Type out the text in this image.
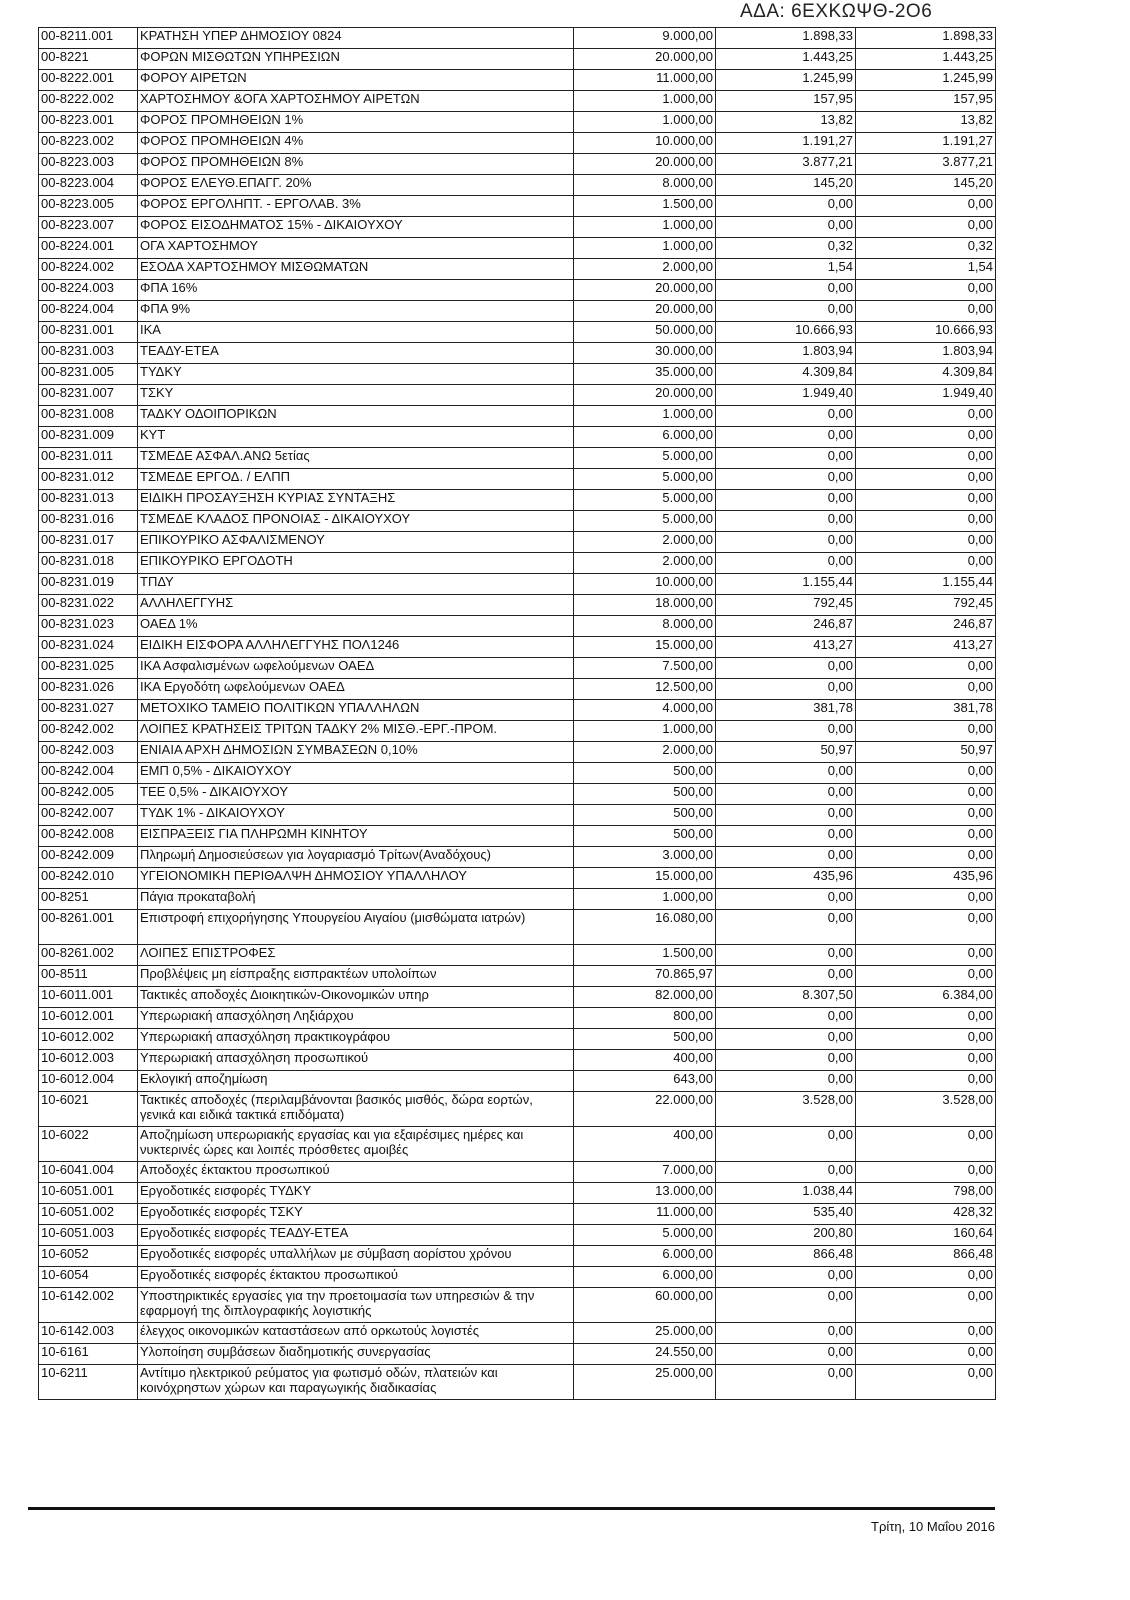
ΑΔΑ: 6ΕΧΚΩΨΘ-2Ο6
00-8211.001	ΚΡΑΤΗΣΗ ΥΠΕΡ ΔΗΜΟΣΙΟΥ 0824	9.000,00	1.898,33	1.898,33
00-8221	ΦΟΡΩΝ ΜΙΣΘΩΤΩΝ ΥΠΗΡΕΣΙΩΝ	20.000,00	1.443,25	1.443,25
00-8222.001	ΦΟΡΟΥ ΑΙΡΕΤΩΝ	11.000,00	1.245,99	1.245,99
00-8222.002	ΧΑΡΤΟΣΗΜΟΥ &ΟΓΑ ΧΑΡΤΟΣΗΜΟΥ ΑΙΡΕΤΩΝ	1.000,00	157,95	157,95
00-8223.001	ΦΟΡΟΣ ΠΡΟΜΗΘΕΙΩΝ 1%	1.000,00	13,82	13,82
00-8223.002	ΦΟΡΟΣ ΠΡΟΜΗΘΕΙΩΝ 4%	10.000,00	1.191,27	1.191,27
00-8223.003	ΦΟΡΟΣ ΠΡΟΜΗΘΕΙΩΝ 8%	20.000,00	3.877,21	3.877,21
00-8223.004	ΦΟΡΟΣ ΕΛΕΥΘ.ΕΠΑΓΓ. 20%	8.000,00	145,20	145,20
00-8223.005	ΦΟΡΟΣ ΕΡΓΟΛΗΠΤ. - ΕΡΓΟΛΑΒ. 3%	1.500,00	0,00	0,00
00-8223.007	ΦΟΡΟΣ ΕΙΣΟΔΗΜΑΤΟΣ 15% - ΔΙΚΑΙΟΥΧΟΥ	1.000,00	0,00	0,00
00-8224.001	ΟΓΑ ΧΑΡΤΟΣΗΜΟΥ	1.000,00	0,32	0,32
00-8224.002	ΕΣΟΔΑ ΧΑΡΤΟΣΗΜΟΥ ΜΙΣΘΩΜΑΤΩΝ	2.000,00	1,54	1,54
00-8224.003	ΦΠΑ 16%	20.000,00	0,00	0,00
00-8224.004	ΦΠΑ 9%	20.000,00	0,00	0,00
00-8231.001	ΙΚΑ	50.000,00	10.666,93	10.666,93
00-8231.003	ΤΕΑΔΥ-ΕΤΕΑ	30.000,00	1.803,94	1.803,94
00-8231.005	ΤΥΔΚΥ	35.000,00	4.309,84	4.309,84
00-8231.007	ΤΣΚΥ	20.000,00	1.949,40	1.949,40
00-8231.008	ΤΑΔΚΥ ΟΔΟΙΠΟΡΙΚΩΝ	1.000,00	0,00	0,00
00-8231.009	ΚΥΤ	6.000,00	0,00	0,00
00-8231.011	ΤΣΜΕΔΕ ΑΣΦΑΛ.ΑΝΩ 5ετίας	5.000,00	0,00	0,00
00-8231.012	ΤΣΜΕΔΕ ΕΡΓΟΔ. / ΕΛΠΠ	5.000,00	0,00	0,00
00-8231.013	ΕΙΔΙΚΗ ΠΡΟΣΑΥΞΗΣΗ ΚΥΡΙΑΣ ΣΥΝΤΑΞΗΣ	5.000,00	0,00	0,00
00-8231.016	ΤΣΜΕΔΕ ΚΛΑΔΟΣ ΠΡΟΝΟΙΑΣ - ΔΙΚΑΙΟΥΧΟΥ	5.000,00	0,00	0,00
00-8231.017	ΕΠΙΚΟΥΡΙΚΟ ΑΣΦΑΛΙΣΜΕΝΟΥ	2.000,00	0,00	0,00
00-8231.018	ΕΠΙΚΟΥΡΙΚΟ ΕΡΓΟΔΟΤΗ	2.000,00	0,00	0,00
00-8231.019	ΤΠΔΥ	10.000,00	1.155,44	1.155,44
00-8231.022	ΑΛΛΗΛΕΓΓΥΗΣ	18.000,00	792,45	792,45
00-8231.023	ΟΑΕΔ 1%	8.000,00	246,87	246,87
00-8231.024	ΕΙΔΙΚΗ ΕΙΣΦΟΡΑ ΑΛΛΗΛΕΓΓΥΗΣ ΠΟΛ1246	15.000,00	413,27	413,27
00-8231.025	ΙΚΑ Ασφαλισμένων ωφελούμενων ΟΑΕΔ	7.500,00	0,00	0,00
00-8231.026	ΙΚΑ Εργοδότη ωφελούμενων ΟΑΕΔ	12.500,00	0,00	0,00
00-8231.027	ΜΕΤΟΧΙΚΟ ΤΑΜΕΙΟ ΠΟΛΙΤΙΚΩΝ ΥΠΑΛΛΗΛΩΝ	4.000,00	381,78	381,78
00-8242.002	ΛΟΙΠΕΣ ΚΡΑΤΗΣΕΙΣ ΤΡΙΤΩΝ ΤΑΔΚΥ 2% ΜΙΣΘ.-ΕΡΓ.-ΠΡΟΜ.	1.000,00	0,00	0,00
00-8242.003	ΕΝΙΑΙΑ ΑΡΧΗ ΔΗΜΟΣΙΩΝ ΣΥΜΒΑΣΕΩΝ 0,10%	2.000,00	50,97	50,97
00-8242.004	ΕΜΠ 0,5% - ΔΙΚΑΙΟΥΧΟΥ	500,00	0,00	0,00
00-8242.005	ΤΕΕ 0,5% - ΔΙΚΑΙΟΥΧΟΥ	500,00	0,00	0,00
00-8242.007	ΤΥΔΚ 1% - ΔΙΚΑΙΟΥΧΟΥ	500,00	0,00	0,00
00-8242.008	ΕΙΣΠΡΑΞΕΙΣ ΓΙΑ ΠΛΗΡΩΜΗ ΚΙΝΗΤΟΥ	500,00	0,00	0,00
00-8242.009	Πληρωμή Δημοσιεύσεων για λογαριασμό Τρίτων(Αναδόχους)	3.000,00	0,00	0,00
00-8242.010	ΥΓΕΙΟΝΟΜΙΚΗ ΠΕΡΙΘΑΛΨΗ ΔΗΜΟΣΙΟΥ ΥΠΑΛΛΗΛΟΥ	15.000,00	435,96	435,96
00-8251	Πάγια προκαταβολή	1.000,00	0,00	0,00
00-8261.001	Επιστροφή επιχορήγησης Υπουργείου Αιγαίου (μισθώματα ιατρών)	16.080,00	0,00	0,00
00-8261.002	ΛΟΙΠΕΣ ΕΠΙΣΤΡΟΦΕΣ	1.500,00	0,00	0,00
00-8511	Προβλέψεις μη είσπραξης εισπρακτέων υπολοίπων	70.865,97	0,00	0,00
10-6011.001	Τακτικές αποδοχές Διοικητικών-Οικονομικών υπηρ	82.000,00	8.307,50	6.384,00
10-6012.001	Υπερωριακή απασχόληση Ληξιάρχου	800,00	0,00	0,00
10-6012.002	Υπερωριακή απασχόληση πρακτικογράφου	500,00	0,00	0,00
10-6012.003	Υπερωριακή απασχόληση προσωπικού	400,00	0,00	0,00
10-6012.004	Εκλογική αποζημίωση	643,00	0,00	0,00
10-6021	Τακτικές αποδοχές (περιλαμβάνονται βασικός μισθός, δώρα εορτών, γενικά και ειδικά τακτικά επιδόματα)	22.000,00	3.528,00	3.528,00
10-6022	Αποζημίωση υπερωριακής εργασίας και για εξαιρέσιμες ημέρες και νυκτερινές ώρες και λοιπές πρόσθετες αμοιβές	400,00	0,00	0,00
10-6041.004	Αποδοχές έκτακτου προσωπικού	7.000,00	0,00	0,00
10-6051.001	Εργοδοτικές εισφορές ΤΥΔΚΥ	13.000,00	1.038,44	798,00
10-6051.002	Εργοδοτικές εισφορές ΤΣΚΥ	11.000,00	535,40	428,32
10-6051.003	Εργοδοτικές εισφορές ΤΕΑΔΥ-ΕΤΕΑ	5.000,00	200,80	160,64
10-6052	Εργοδοτικές εισφορές υπαλλήλων με σύμβαση αορίστου χρόνου	6.000,00	866,48	866,48
10-6054	Εργοδοτικές εισφορές έκτακτου προσωπικού	6.000,00	0,00	0,00
10-6142.002	Υποστηρικτικές εργασίες για την προετοιμασία των υπηρεσιών & την εφαρμογή της διπλογραφικής λογιστικής	60.000,00	0,00	0,00
10-6142.003	έλεγχος οικονομικών καταστάσεων από ορκωτούς λογιστές	25.000,00	0,00	0,00
10-6161	Υλοποίηση συμβάσεων διαδημοτικής συνεργασίας	24.550,00	0,00	0,00
10-6211	Αντίτιμο ηλεκτρικού ρεύματος για φωτισμό οδών, πλατειών και κοινόχρηστων χώρων και παραγωγικής διαδικασίας	25.000,00	0,00	0,00
Τρίτη, 10 Μαΐου 2016
